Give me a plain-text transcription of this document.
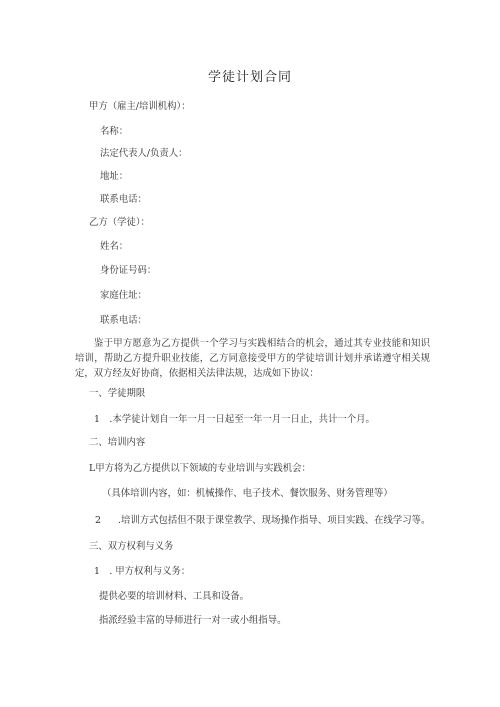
学徒计划合同
甲方（雇主/培训机构）：
名称：
法定代表人/负责人：
地址：
联系电话：
乙方（学徒）：
姓名：
身份证号码：
家庭住址：
联系电话：
鉴于甲方愿意为乙方提供一个学习与实践相结合的机会，通过其专业技能和知识培训，帮助乙方提升职业技能，乙方同意接受甲方的学徒培训计划并承诺遵守相关规定，双方经友好协商，依据相关法律法规，达成如下协议：
一、学徒期限
1　.本学徒计划自一年一月一日起至一年一月一日止，共计一个月。
二、培训内容
L甲方将为乙方提供以下领域的专业培训与实践机会：
（具体培训内容，如：机械操作、电子技术、餐饮服务、财务管理等）
2 .培训方式包括但不限于课堂教学、现场操作指导、项目实践、在线学习等。
三、双方权利与义务
1　. 甲方权利与义务：
提供必要的培训材料、工具和设备。
指派经验丰富的导师进行一对一或小组指导。
